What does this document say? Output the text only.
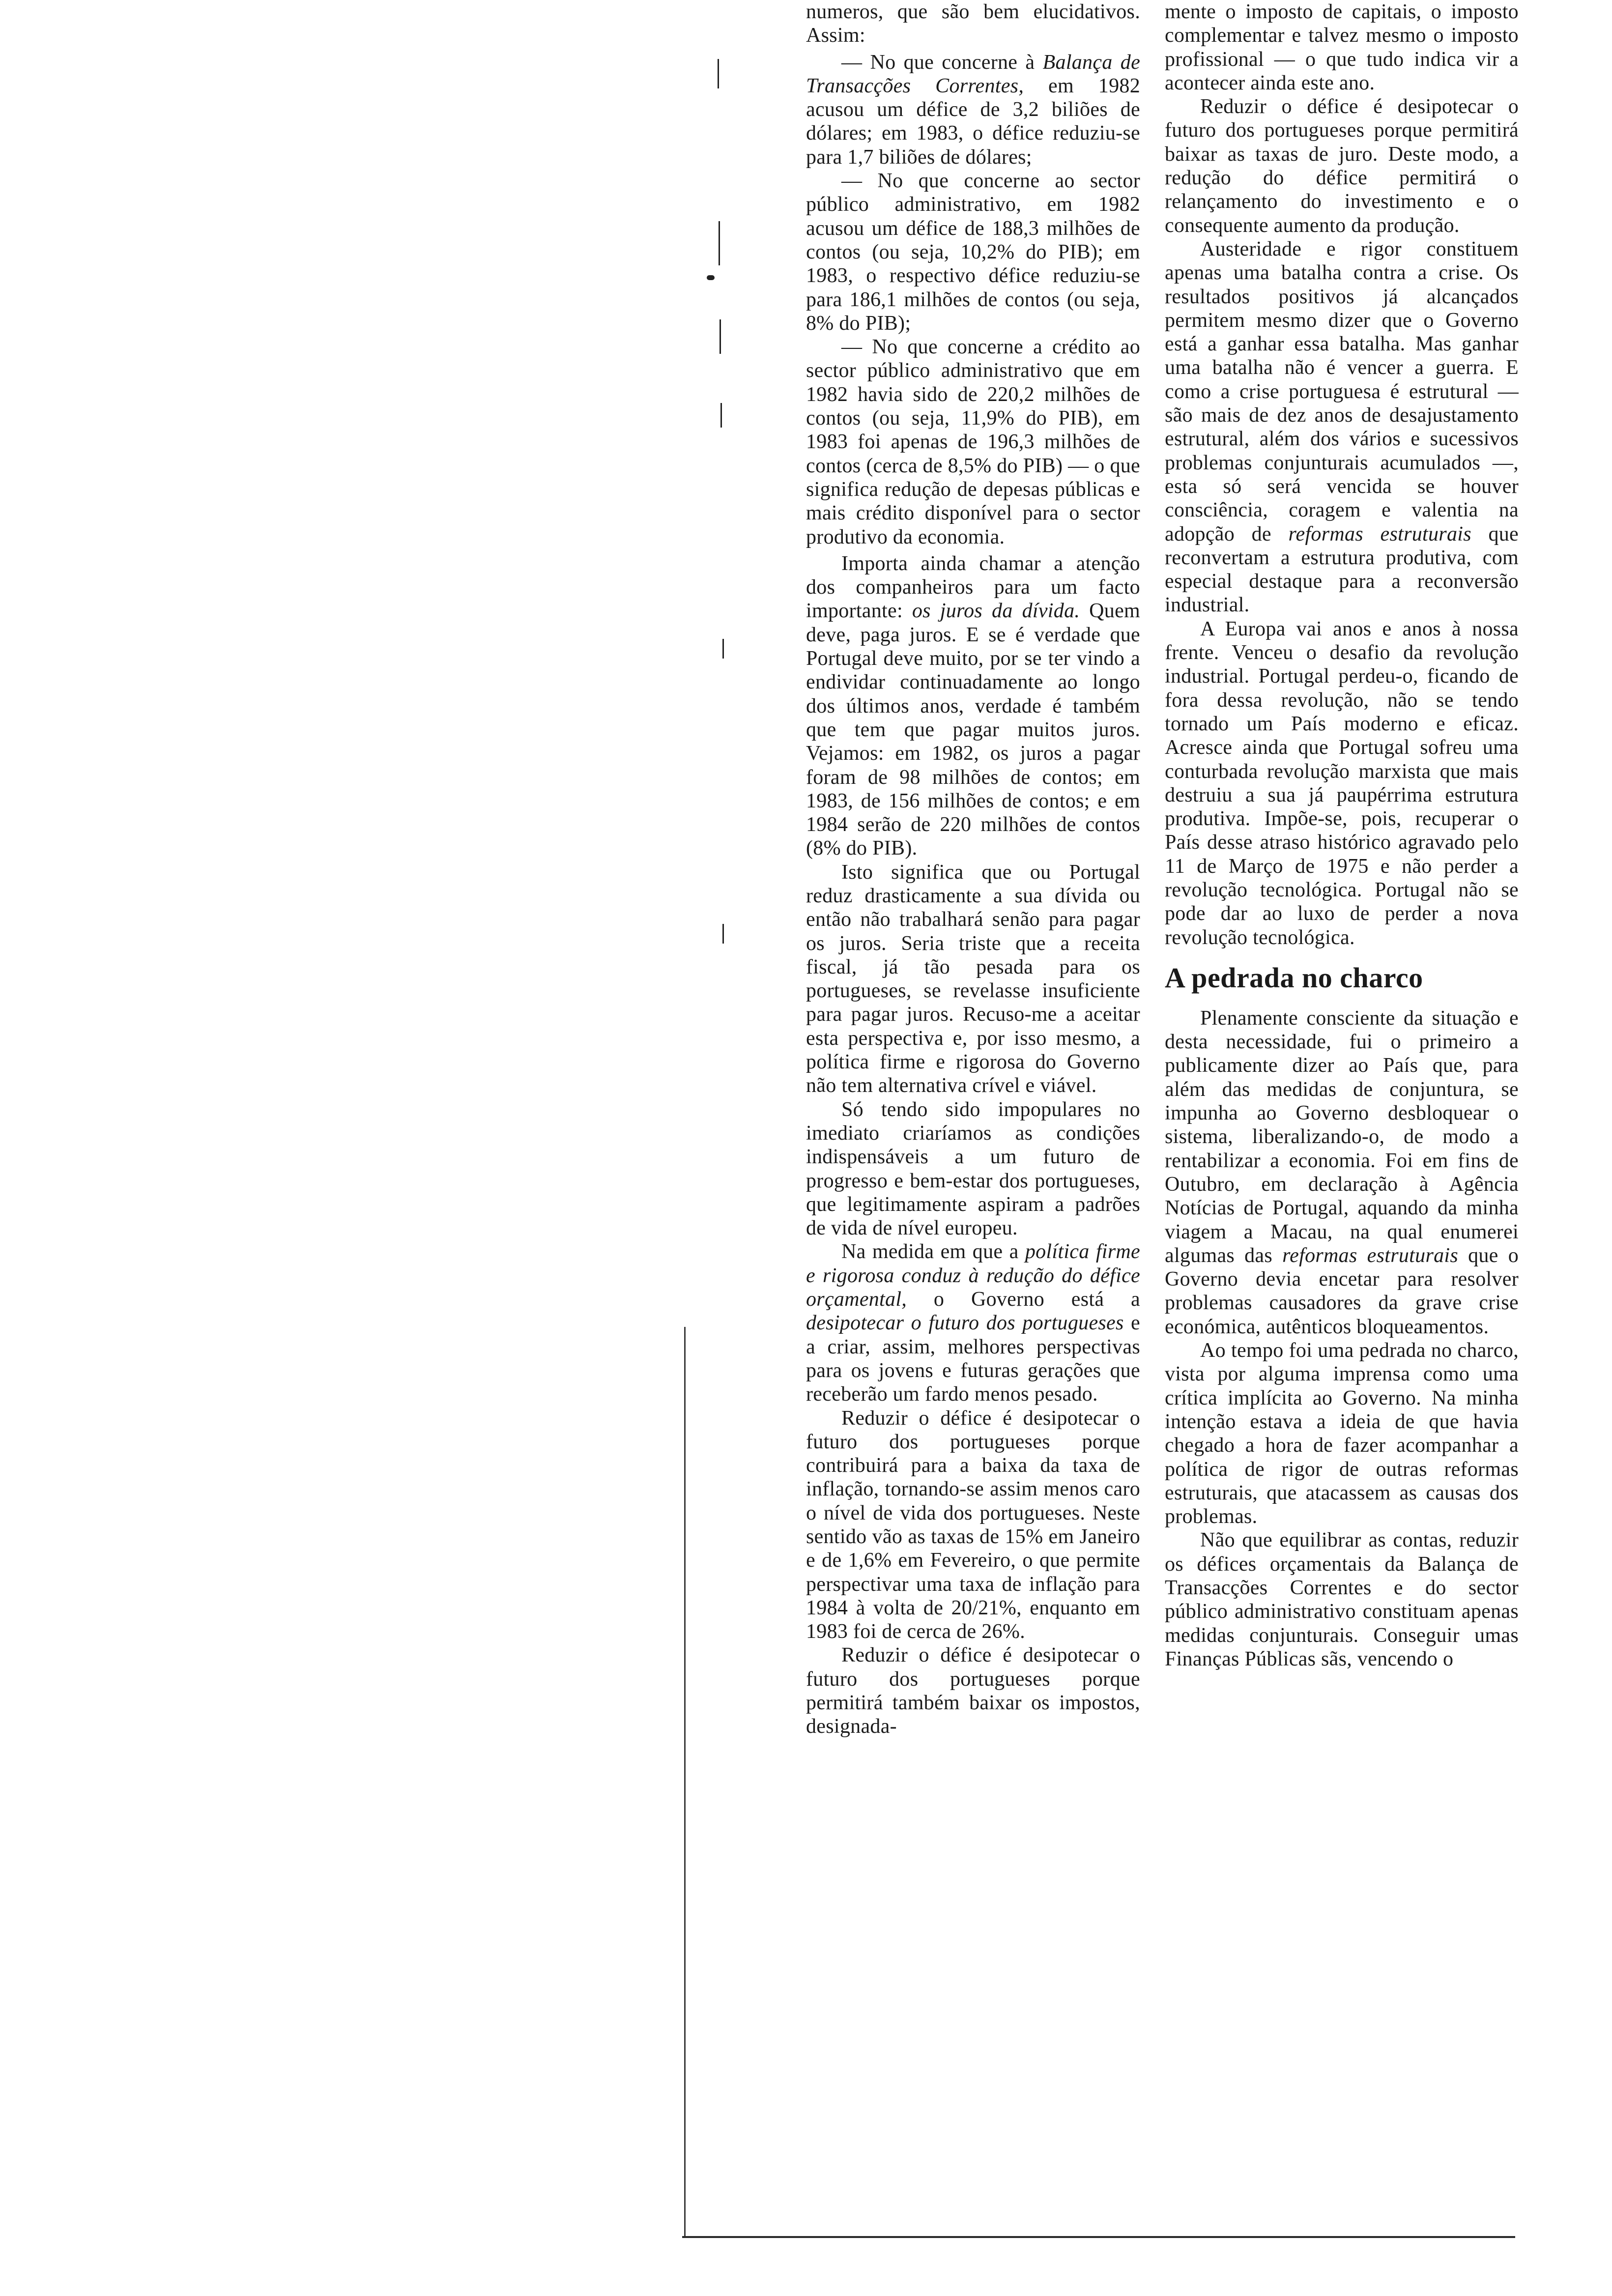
numeros, que são bem elucidativos. Assim:

— No que concerne à Balança de Transacções Correntes, em 1982 acusou um défice de 3,2 biliões de dólares; em 1983, o défice reduziu-se para 1,7 biliões de dólares;

— No que concerne ao sector público administrativo, em 1982 acusou um défice de 188,3 milhões de contos (ou seja, 10,2% do PIB); em 1983, o respectivo défice reduziu-se para 186,1 milhões de contos (ou seja, 8% do PIB);

— No que concerne a crédito ao sector público administrativo que em 1982 havia sido de 220,2 milhões de contos (ou seja, 11,9% do PIB), em 1983 foi apenas de 196,3 milhões de contos (cerca de 8,5% do PIB) — o que significa redução de depesas públicas e mais crédito disponível para o sector produtivo da economia.

Importa ainda chamar a atenção dos companheiros para um facto importante: os juros da dívida. Quem deve, paga juros. E se é verdade que Portugal deve muito, por se ter vindo a endividar continuadamente ao longo dos últimos anos, verdade é também que tem que pagar muitos juros. Vejamos: em 1982, os juros a pagar foram de 98 milhões de contos; em 1983, de 156 milhões de contos; e em 1984 serão de 220 milhões de contos (8% do PIB).

Isto significa que ou Portugal reduz drasticamente a sua dívida ou então não trabalhará senão para pagar os juros. Seria triste que a receita fiscal, já tão pesada para os portugueses, se revelasse insuficiente para pagar juros. Recuso-me a aceitar esta perspectiva e, por isso mesmo, a política firme e rigorosa do Governo não tem alternativa crível e viável.

Só tendo sido impopulares no imediato criaríamos as condições indispensáveis a um futuro de progresso e bem-estar dos portugueses, que legitimamente aspiram a padrões de vida de nível europeu.

Na medida em que a política firme e rigorosa conduz à redução do défice orçamental, o Governo está a desipotecar o futuro dos portugueses e a criar, assim, melhores perspectivas para os jovens e futuras gerações que receberão um fardo menos pesado.

Reduzir o défice é desipotecar o futuro dos portugueses porque contribuirá para a baixa da taxa de inflação, tornando-se assim menos caro o nível de vida dos portugueses. Neste sentido vão as taxas de 15% em Janeiro e de 1,6% em Fevereiro, o que permite perspectivar uma taxa de inflação para 1984 à volta de 20/21%, enquanto em 1983 foi de cerca de 26%.

Reduzir o défice é desipotecar o futuro dos portugueses porque permitirá também baixar os impostos, designada-

mente o imposto de capitais, o imposto complementar e talvez mesmo o imposto profissional — o que tudo indica vir a acontecer ainda este ano.

Reduzir o défice é desipotecar o futuro dos portugueses porque permitirá baixar as taxas de juro. Deste modo, a redução do défice permitirá o relançamento do investimento e o consequente aumento da produção.

Austeridade e rigor constituem apenas uma batalha contra a crise. Os resultados positivos já alcançados permitem mesmo dizer que o Governo está a ganhar essa batalha. Mas ganhar uma batalha não é vencer a guerra. E como a crise portuguesa é estrutural — são mais de dez anos de desajustamento estrutural, além dos vários e sucessivos problemas conjunturais acumulados —, esta só será vencida se houver consciência, coragem e valentia na adopção de reformas estruturais que reconvertam a estrutura produtiva, com especial destaque para a reconversão industrial.

A Europa vai anos e anos à nossa frente. Venceu o desafio da revolução industrial. Portugal perdeu-o, ficando de fora dessa revolução, não se tendo tornado um País moderno e eficaz. Acresce ainda que Portugal sofreu uma conturbada revolução marxista que mais destruiu a sua já paupérrima estrutura produtiva. Impõe-se, pois, recuperar o País desse atraso histórico agravado pelo 11 de Março de 1975 e não perder a revolução tecnológica. Portugal não se pode dar ao luxo de perder a nova revolução tecnológica.

A pedrada no charco

Plenamente consciente da situação e desta necessidade, fui o primeiro a publicamente dizer ao País que, para além das medidas de conjuntura, se impunha ao Governo desbloquear o sistema, liberalizando-o, de modo a rentabilizar a economia. Foi em fins de Outubro, em declaração à Agência Notícias de Portugal, aquando da minha viagem a Macau, na qual enumerei algumas das reformas estruturais que o Governo devia encetar para resolver problemas causadores da grave crise económica, autênticos bloqueamentos.

Ao tempo foi uma pedrada no charco, vista por alguma imprensa como uma crítica implícita ao Governo. Na minha intenção estava a ideia de que havia chegado a hora de fazer acompanhar a política de rigor de outras reformas estruturais, que atacassem as causas dos problemas.

Não que equilibrar as contas, reduzir os défices orçamentais da Balança de Transacções Correntes e do sector público administrativo constituam apenas medidas conjunturais. Conseguir umas Finanças Públicas sãs, vencendo o
